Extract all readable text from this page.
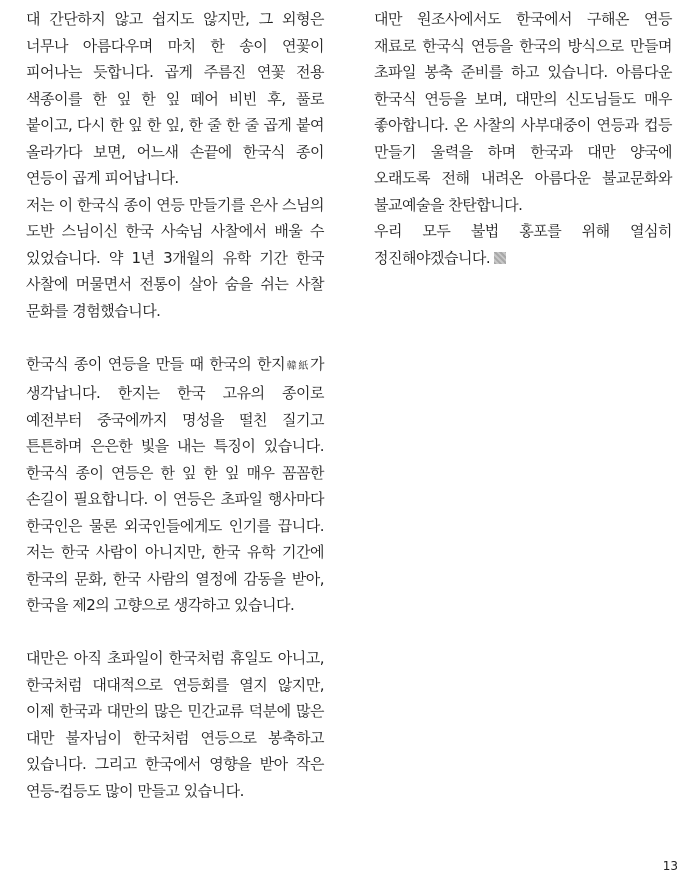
대 간단하지 않고 쉽지도 않지만, 그 외형은 너무나 아름다우며 마치 한 송이 연꽃이 피어나는 듯합니다. 곱게 주름진 연꽃 전용 색종이를 한 잎 한 잎 떼어 비빈 후, 풀로 붙이고, 다시 한 잎 한 잎, 한 줄 한 줄 곱게 붙여 올라가다 보면, 어느새 손끝에 한국식 종이 연등이 곱게 피어납니다.

저는 이 한국식 종이 연등 만들기를 은사 스님의 도반 스님이신 한국 사숙님 사찰에서 배울 수 있었습니다. 약 1년 3개월의 유학 기간 한국 사찰에 머물면서 전통이 살아 숨을 쉬는 사찰 문화를 경험했습니다.

한국식 종이 연등을 만들 때 한국의 한지韓紙가 생각납니다. 한지는 한국 고유의 종이로 예전부터 중국에까지 명성을 떨친 질기고 튼튼하며 은은한 빛을 내는 특징이 있습니다. 한국식 종이 연등은 한 잎 한 잎 매우 꼼꼼한 손길이 필요합니다. 이 연등은 초파일 행사마다 한국인은 물론 외국인들에게도 인기를 끕니다. 저는 한국 사람이 아니지만, 한국 유학 기간에 한국의 문화, 한국 사람의 열정에 감동을 받아, 한국을 제2의 고향으로 생각하고 있습니다.

대만은 아직 초파일이 한국처럼 휴일도 아니고, 한국처럼 대대적으로 연등회를 열지 않지만, 이제 한국과 대만의 많은 민간교류 덕분에 많은 대만 불자님이 한국처럼 연등으로 봉축하고 있습니다. 그리고 한국에서 영향을 받아 작은 연등-컵등도 많이 만들고 있습니다.

대만 원조사에서도 한국에서 구해온 연등 재료로 한국식 연등을 한국의 방식으로 만들며 초파일 봉축 준비를 하고 있습니다. 아름다운 한국식 연등을 보며, 대만의 신도님들도 매우 좋아합니다. 온 사찰의 사부대중이 연등과 컵등 만들기 울력을 하며 한국과 대만 양국에 오래도록 전해 내려온 아름다운 불교문화와 불교예술을 찬탄합니다.

우리 모두 불법 홍포를 위해 열심히 정진해야겠습니다.

13
